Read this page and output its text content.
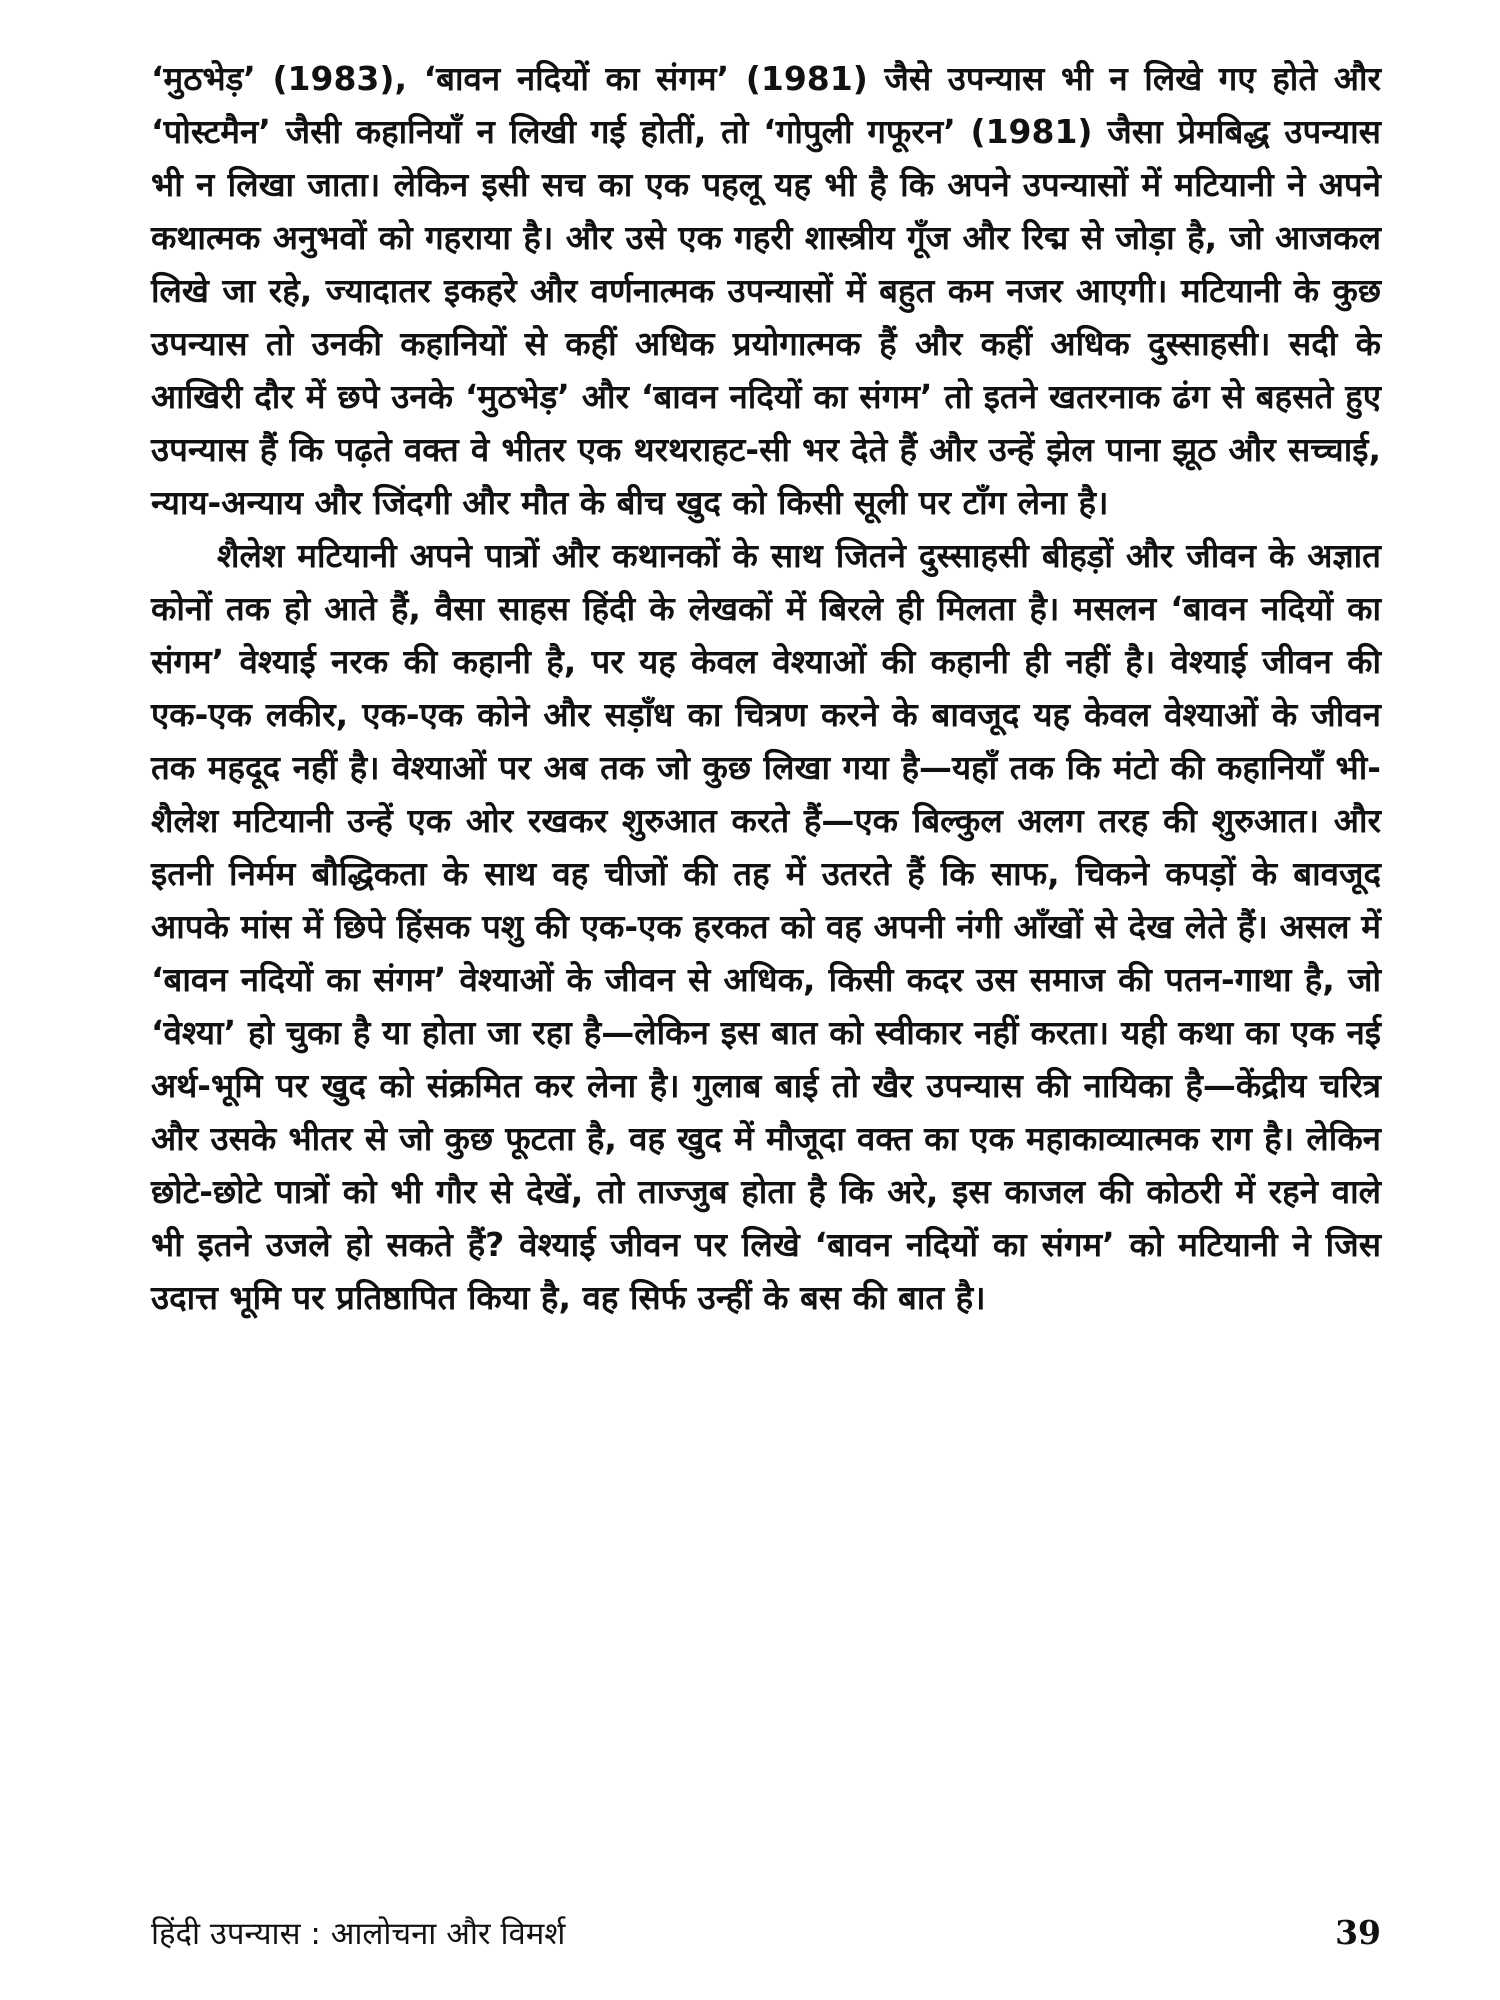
‘मुठभेड़’ (1983), ‘बावन नदियों का संगम’ (1981) जैसे उपन्यास भी न लिखे गए होते और ‘पोस्टमैन’ जैसी कहानियाँ न लिखी गई होतीं, तो ‘गोपुली गफूरन’ (1981) जैसा प्रेमबिद्ध उपन्यास भी न लिखा जाता। लेकिन इसी सच का एक पहलू यह भी है कि अपने उपन्यासों में मटियानी ने अपने कथात्मक अनुभवों को गहराया है। और उसे एक गहरी शास्त्रीय गूँज और रिद्म से जोड़ा है, जो आजकल लिखे जा रहे, ज्यादातर इकहरे और वर्णनात्मक उपन्यासों में बहुत कम नजर आएगी। मटियानी के कुछ उपन्यास तो उनकी कहानियों से कहीं अधिक प्रयोगात्मक हैं और कहीं अधिक दुस्साहसी। सदी के आखिरी दौर में छपे उनके ‘मुठभेड़’ और ‘बावन नदियों का संगम’ तो इतने खतरनाक ढंग से बहसते हुए उपन्यास हैं कि पढ़ते वक्त वे भीतर एक थरथराहट-सी भर देते हैं और उन्हें झेल पाना झूठ और सच्चाई, न्याय-अन्याय और जिंदगी और मौत के बीच खुद को किसी सूली पर टाँग लेना है।

शैलेश मटियानी अपने पात्रों और कथानकों के साथ जितने दुस्साहसी बीहड़ों और जीवन के अज्ञात कोनों तक हो आते हैं, वैसा साहस हिंदी के लेखकों में बिरले ही मिलता है। मसलन ‘बावन नदियों का संगम’ वेश्याई नरक की कहानी है, पर यह केवल वेश्याओं की कहानी ही नहीं है। वेश्याई जीवन की एक-एक लकीर, एक-एक कोने और सड़ाँध का चित्रण करने के बावजूद यह केवल वेश्याओं के जीवन तक महदूद नहीं है। वेश्याओं पर अब तक जो कुछ लिखा गया है—यहाँ तक कि मंटो की कहानियाँ भी-शैलेश मटियानी उन्हें एक ओर रखकर शुरुआत करते हैं—एक बिल्कुल अलग तरह की शुरुआत। और इतनी निर्मम बौद्धिकता के साथ वह चीजों की तह में उतरते हैं कि साफ, चिकने कपड़ों के बावजूद आपके मांस में छिपे हिंसक पशु की एक-एक हरकत को वह अपनी नंगी आँखों से देख लेते हैं। असल में ‘बावन नदियों का संगम’ वेश्याओं के जीवन से अधिक, किसी कदर उस समाज की पतन-गाथा है, जो ‘वेश्या’ हो चुका है या होता जा रहा है—लेकिन इस बात को स्वीकार नहीं करता। यही कथा का एक नई अर्थ-भूमि पर खुद को संक्रमित कर लेना है। गुलाब बाई तो खैर उपन्यास की नायिका है—केंद्रीय चरित्र और उसके भीतर से जो कुछ फूटता है, वह खुद में मौजूदा वक्त का एक महाकाव्यात्मक राग है। लेकिन छोटे-छोटे पात्रों को भी गौर से देखें, तो ताज्जुब होता है कि अरे, इस काजल की कोठरी में रहने वाले भी इतने उजले हो सकते हैं? वेश्याई जीवन पर लिखे ‘बावन नदियों का संगम’ को मटियानी ने जिस उदात्त भूमि पर प्रतिष्ठापित किया है, वह सिर्फ उन्हीं के बस की बात है।

हिंदी उपन्यास : आलोचना और विमर्श	39
